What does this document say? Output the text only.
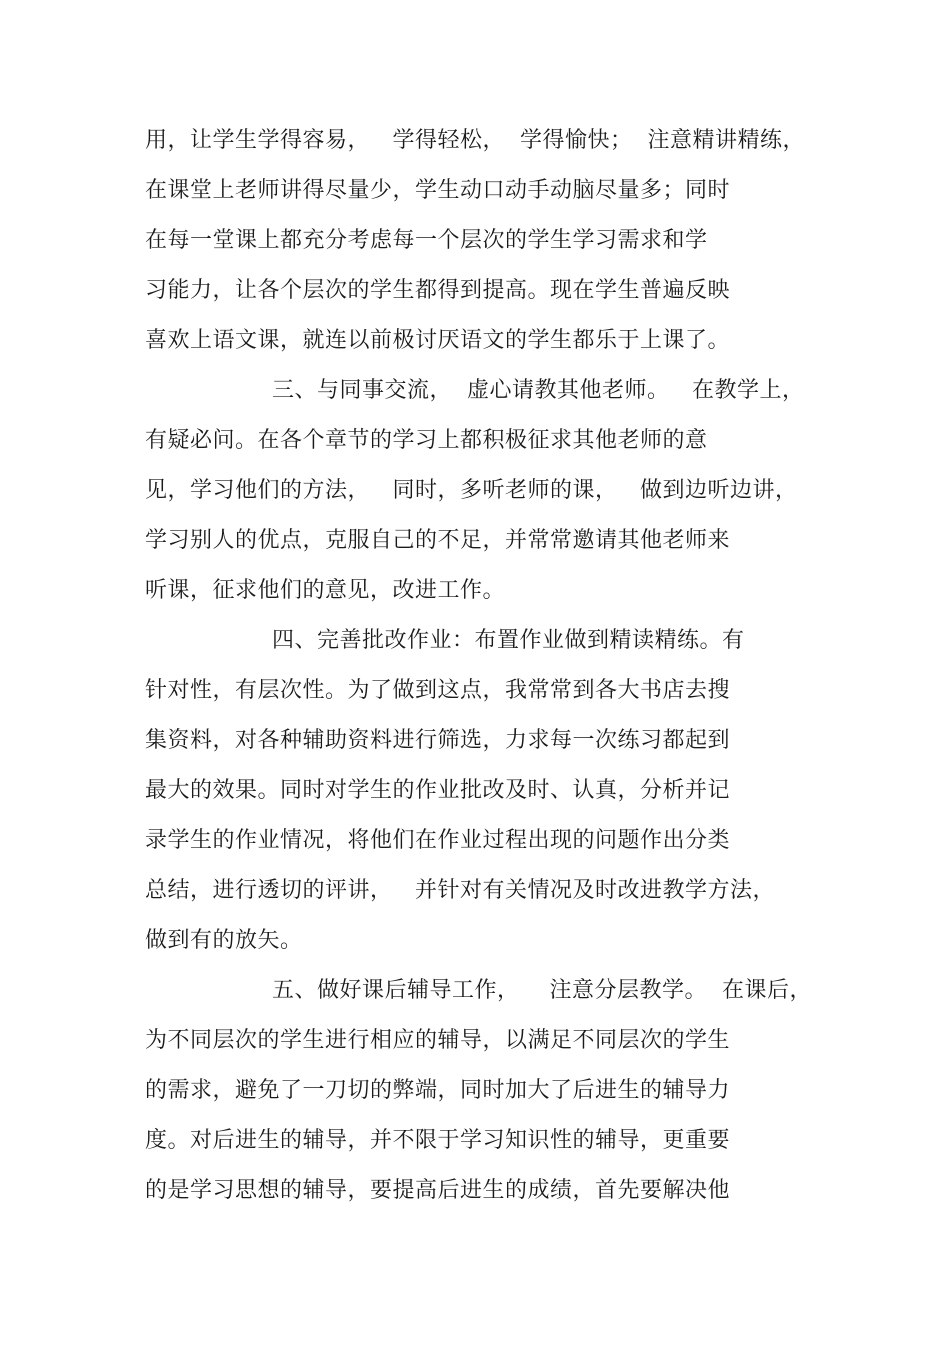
用，让学生学得容易，   学得轻松，  学得愉快；  注意精讲精练，
在课堂上老师讲得尽量少，学生动口动手动脑尽量多；同时
在每一堂课上都充分考虑每一个层次的学生学习需求和学
习能力，让各个层次的学生都得到提高。现在学生普遍反映
喜欢上语文课，就连以前极讨厌语文的学生都乐于上课了。
三、与同事交流，  虚心请教其他老师。   在教学上，
有疑必问。在各个章节的学习上都积极征求其他老师的意
见，学习他们的方法，   同时，多听老师的课，   做到边听边讲，
学习别人的优点，克服自己的不足，并常常邀请其他老师来
听课，征求他们的意见，改进工作。
四、完善批改作业：布置作业做到精读精练。有
针对性，有层次性。为了做到这点，我常常到各大书店去搜
集资料，对各种辅助资料进行筛选，力求每一次练习都起到
最大的效果。同时对学生的作业批改及时、认真，分析并记
录学生的作业情况，将他们在作业过程出现的问题作出分类
总结，进行透切的评讲，   并针对有关情况及时改进教学方法，
做到有的放矢。
五、做好课后辅导工作，    注意分层教学。  在课后，
为不同层次的学生进行相应的辅导，以满足不同层次的学生
的需求，避免了一刀切的弊端，同时加大了后进生的辅导力
度。对后进生的辅导，并不限于学习知识性的辅导，更重要
的是学习思想的辅导，要提高后进生的成绩，首先要解决他
